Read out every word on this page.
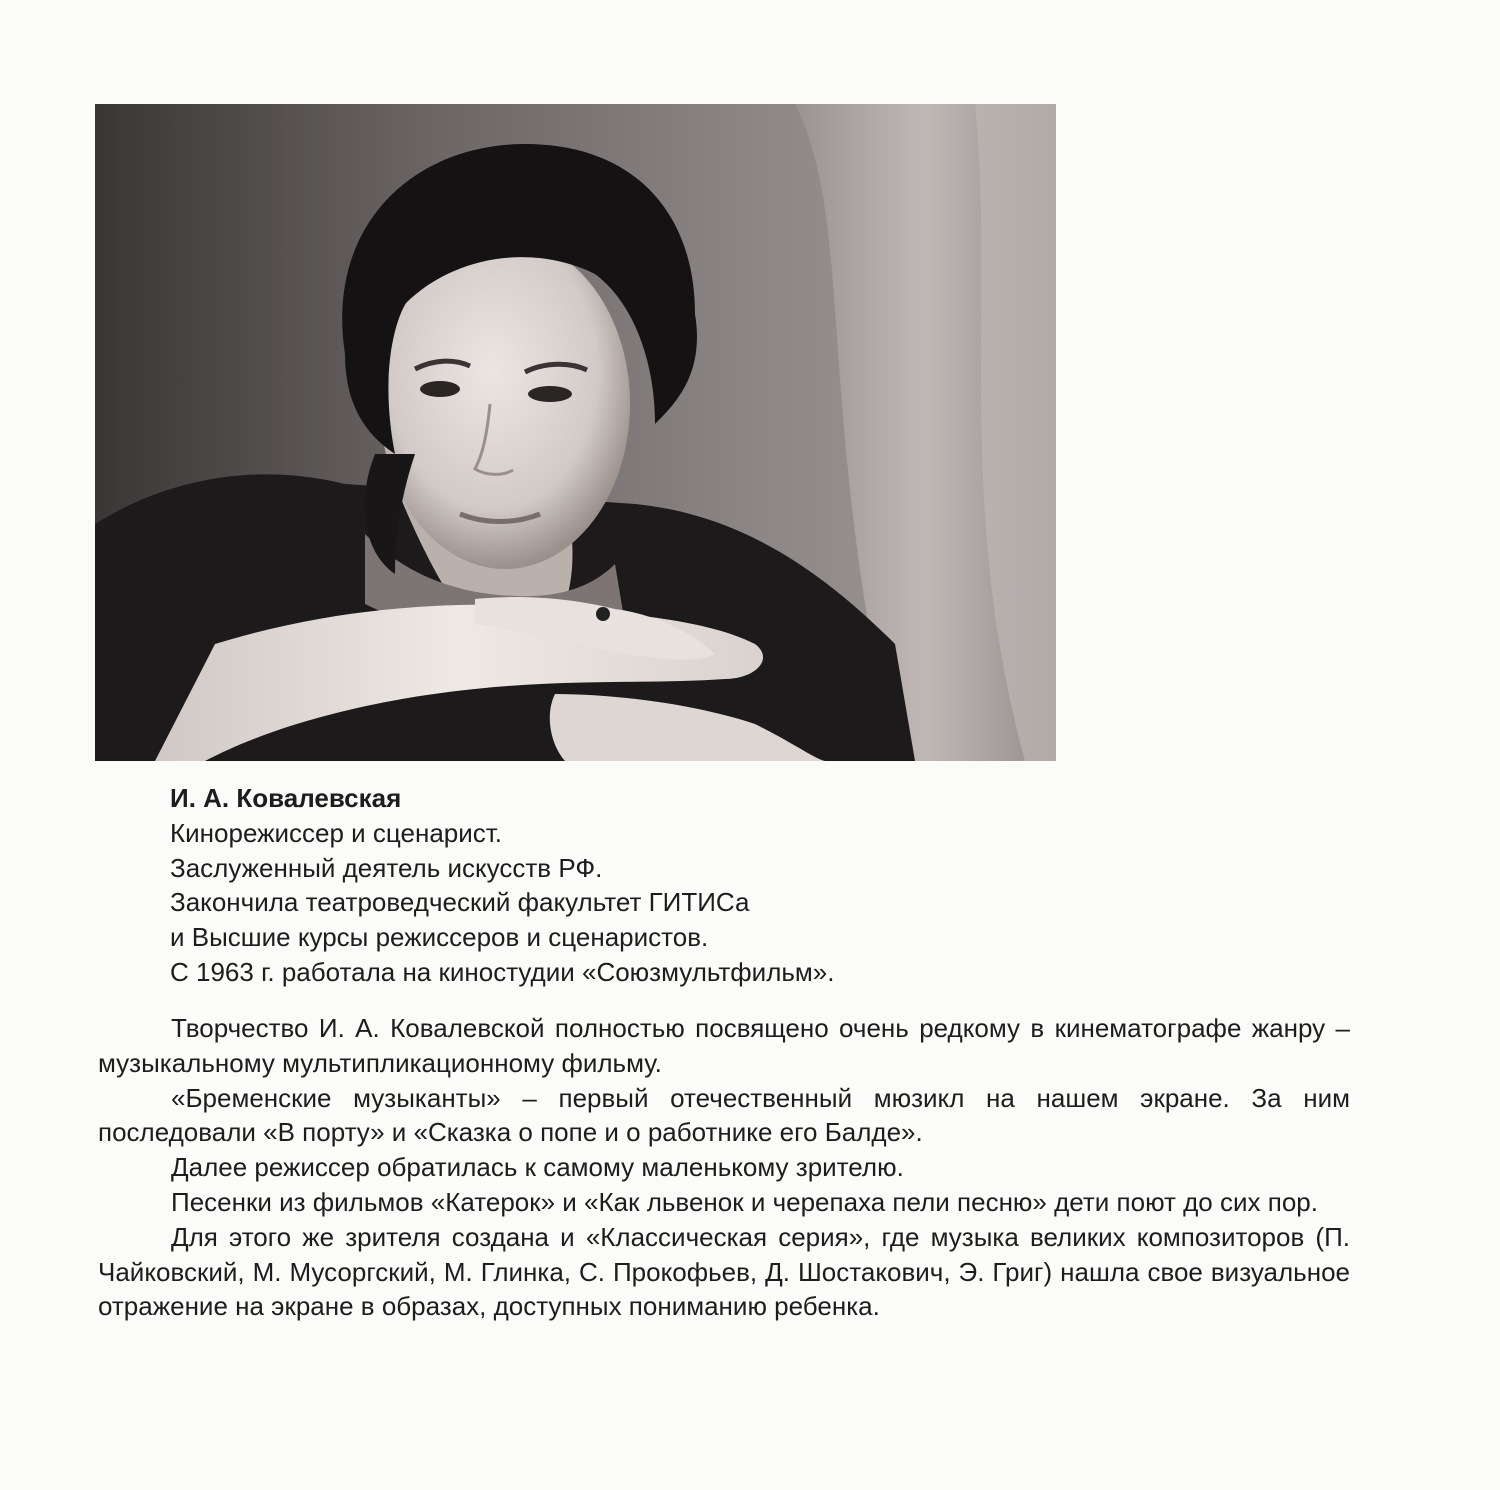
И. А. Ковалевская
Кинорежиссер и сценарист.
Заслуженный деятель искусств РФ.
Закончила театроведческий факультет ГИТИСа
и Высшие курсы режиссеров и сценаристов.
С 1963 г. работала на киностудии «Союзмультфильм».

Творчество И. А. Ковалевской полностью посвящено очень редкому в кинематографе жанру – музыкальному мультипликационному фильму.

«Бременские музыканты» – первый отечественный мюзикл на нашем экране. За ним последовали «В порту» и «Сказка о попе и о работнике его Балде».

Далее режиссер обратилась к самому маленькому зрителю.

Песенки из фильмов «Катерок» и «Как львенок и черепаха пели песню» дети поют до сих пор.

Для этого же зрителя создана и «Классическая серия», где музыка великих композиторов (П. Чайковский, М. Мусоргский, М. Глинка, С. Прокофьев, Д. Шостакович, Э. Григ) нашла свое визуальное отражение на экране в образах, доступных пониманию ребенка.
